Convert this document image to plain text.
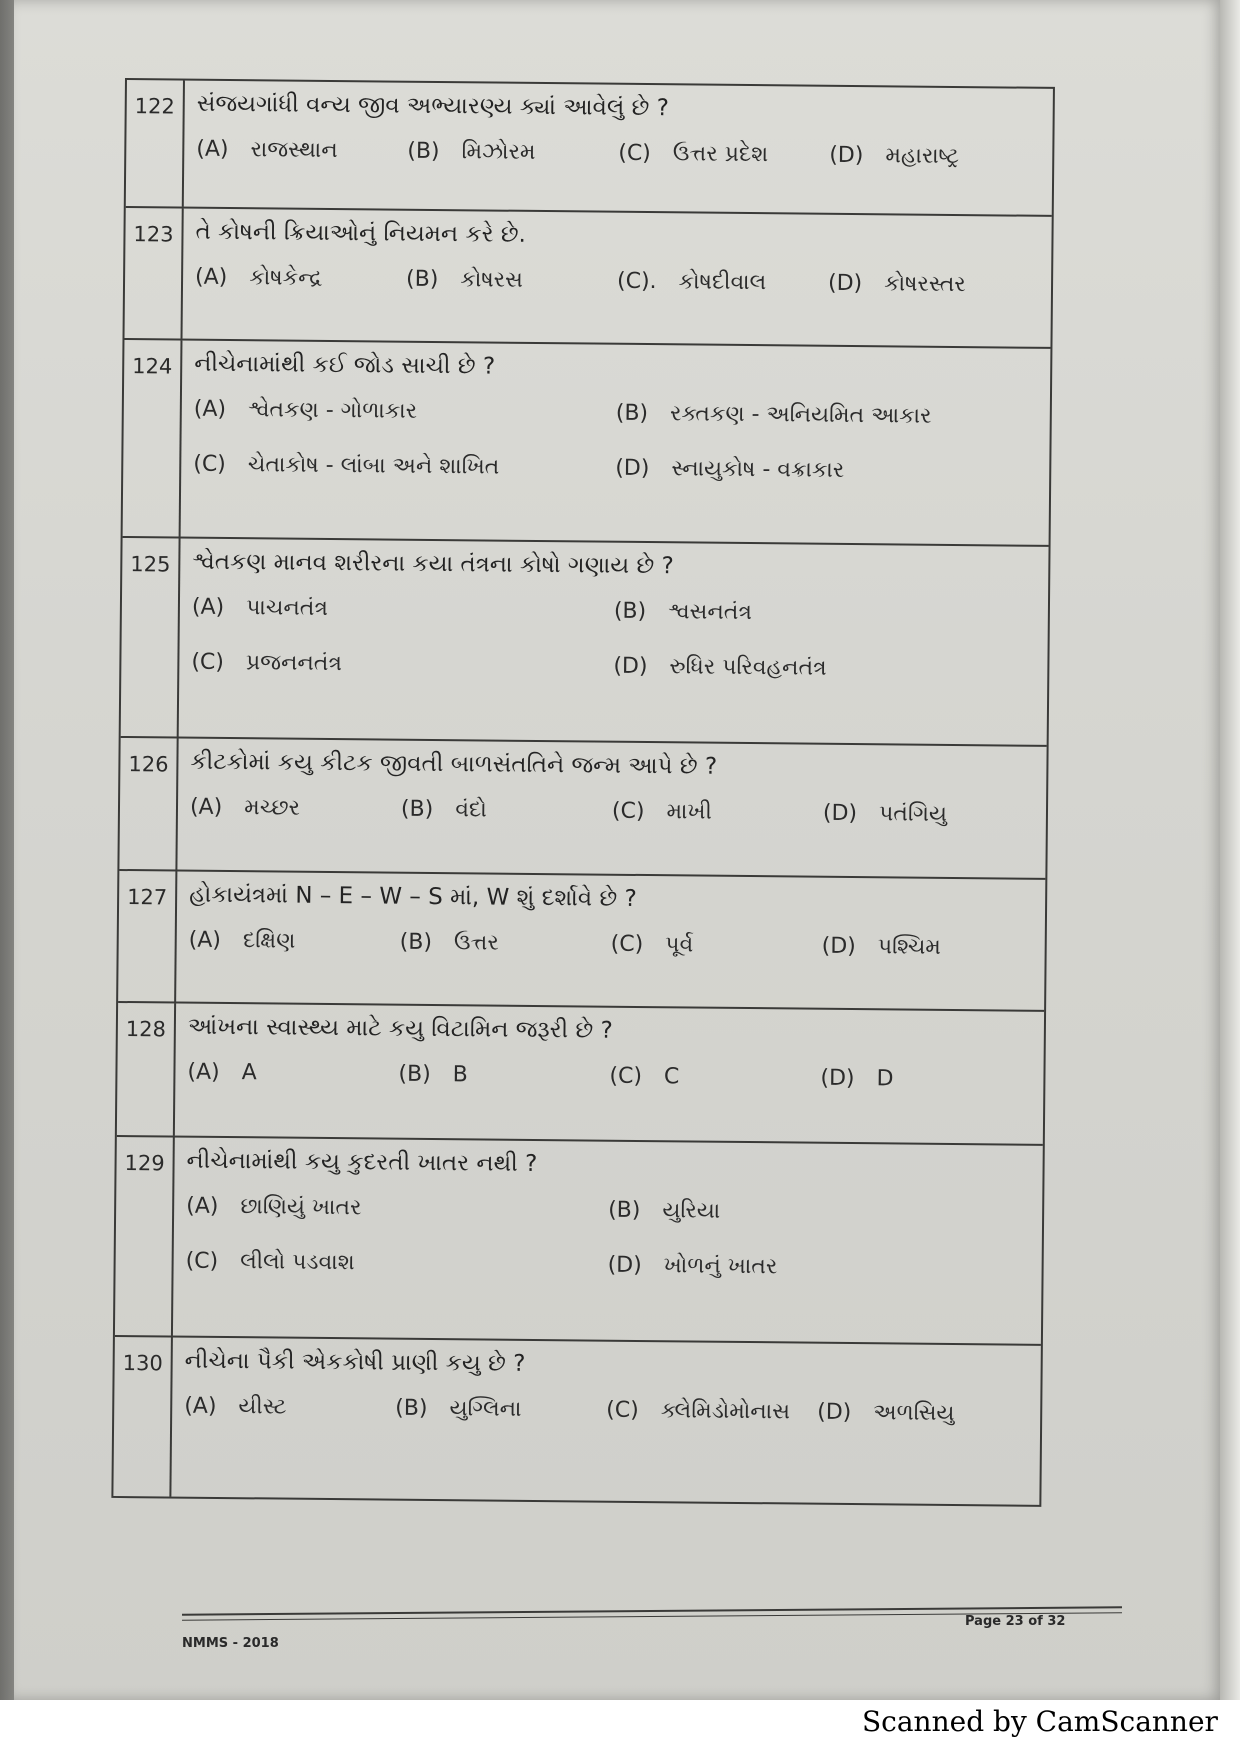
122 સંજયગાંધી વન્ય જીવ અભ્યારણ્ય ક્યાં આવેલું છે ?
(A) રાજસ્થાન	(B) મિઝોરમ	(C) ઉત્તર પ્રદેશ	(D) મહારાષ્ટ્ર
123 તે કોષની ક્રિયાઓનું નિયમન કરે છે.
(A) કોષકેન્દ્ર	(B) કોષરસ	(C). કોષદીવાલ	(D) કોષરસ્તર
124 નીચેનામાંથી કઈ જોડ સાચી છે ?
(A) શ્વેતકણ - ગોળાકાર	(B) રક્તકણ - અનિયમિત આકાર
(C) ચેતાકોષ - લાંબા અને શાખિત	(D) સ્નાયુકોષ - વક્રાકાર
125 શ્વેતકણ માનવ શરીરના કયા તંત્રના કોષો ગણાય છે ?
(A) પાચનતંત્ર	(B) શ્વસનતંત્ર
(C) પ્રજનનતંત્ર	(D) રુધિર પરિવહનતંત્ર
126 કીટકોમાં કયુ કીટક જીવતી બાળસંતતિને જન્મ આપે છે ?
(A) મચ્છર	(B) વંદો	(C) માખી	(D) પતંગિયુ
127 હોકાયંત્રમાં N – E – W – S માં, W શું દર્શાવે છે ?
(A) દક્ષિણ	(B) ઉત્તર	(C) પૂર્વ	(D) પશ્ચિમ
128 આંખના સ્વાસ્થ્ય માટે કયુ વિટામિન જરૂરી છે ?
(A) A	(B) B	(C) C	(D) D
129 નીચેનામાંથી કયુ કુદરતી ખાતર નથી ?
(A) છાણિયું ખાતર	(B) યુરિયા
(C) લીલો પડવાશ	(D) ખોળનું ખાતર
130 નીચેના પૈકી એકકોષી પ્રાણી કયુ છે ?
(A) યીસ્ટ	(B) યુગ્લિના	(C) ક્લેમિડોમોનાસ (D) અળસિયુ
NMMS - 2018
Page 23 of 32
Scanned by CamScanner
